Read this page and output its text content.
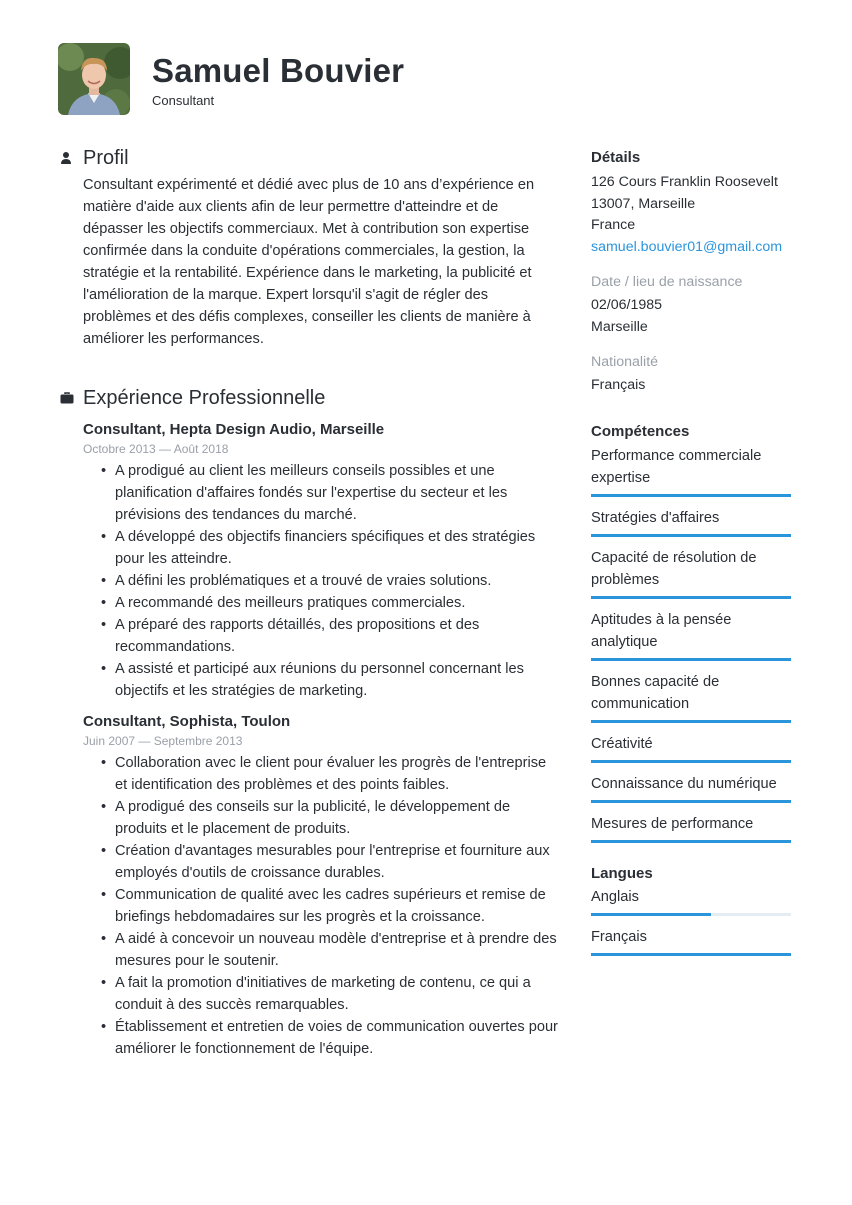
Samuel Bouvier
Consultant
Profil
Consultant expérimenté et dédié avec plus de 10 ans d’expérience en matière d'aide aux clients afin de leur permettre d'atteindre et de dépasser les objectifs commerciaux. Met à contribution son expertise confirmée dans la conduite d'opérations commerciales, la gestion, la stratégie et la rentabilité. Expérience dans le marketing, la publicité et l'amélioration de la marque. Expert lorsqu'il s'agit de régler des problèmes et des défis complexes, conseiller les clients de manière à améliorer les performances.
Expérience Professionnelle
Consultant, Hepta Design Audio, Marseille
Octobre 2013 — Août 2018
• A prodigué au client les meilleurs conseils possibles et une planification d'affaires fondés sur l'expertise du secteur et les prévisions des tendances du marché.
• A développé des objectifs financiers spécifiques et des stratégies pour les atteindre.
• A défini les problématiques et a trouvé de vraies solutions.
• A recommandé des meilleurs pratiques commerciales.
• A préparé des rapports détaillés, des propositions et des recommandations.
• A assisté et participé aux réunions du personnel concernant les objectifs et les stratégies de marketing.
Consultant, Sophista, Toulon
Juin 2007 — Septembre 2013
• Collaboration avec le client pour évaluer les progrès de l'entreprise et identification des problèmes et des points faibles.
• A prodigué des conseils sur la publicité, le développement de produits et le placement de produits.
• Création d'avantages mesurables pour l'entreprise et fourniture aux employés d'outils de croissance durables.
• Communication de qualité avec les cadres supérieurs et remise de briefings hebdomadaires sur les progrès et la croissance.
• A aidé à concevoir un nouveau modèle d'entreprise et à prendre des mesures pour le soutenir.
• A fait la promotion d'initiatives de marketing de contenu, ce qui a conduit à des succès remarquables.
• Établissement et entretien de voies de communication ouvertes pour améliorer le fonctionnement de l'équipe.
Détails
126 Cours Franklin Roosevelt
13007, Marseille
France
samuel.bouvier01@gmail.com
Date / lieu de naissance
02/06/1985
Marseille
Nationalité
Français
Compétences
Performance commerciale expertise
Stratégies d'affaires
Capacité de résolution de problèmes
Aptitudes à la pensée analytique
Bonnes capacité de communication
Créativité
Connaissance du numérique
Mesures de performance
Langues
Anglais
Français
